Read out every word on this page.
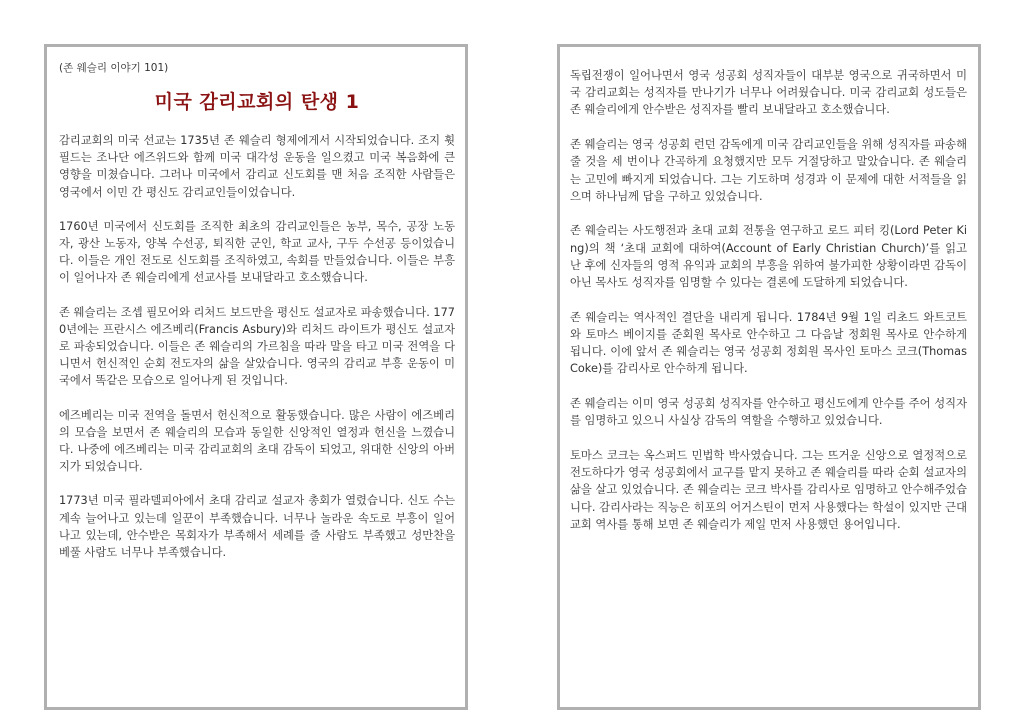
(존 웨슬리 이야기 101)
미국 감리교회의 탄생 1

감리교회의 미국 선교는 1735년 존 웨슬리 형제에게서 시작되었습니다. 조지 휫필드는 조나단 에즈위드와 함께 미국 대각성 운동을 일으켰고 미국 복음화에 큰 영향을 미쳤습니다. 그러나 미국에서 감리교 신도회를 맨 처음 조직한 사람들은 영국에서 이민 간 평신도 감리교인들이었습니다.

1760년 미국에서 신도회를 조직한 최초의 감리교인들은 농부, 목수, 공장 노동자, 광산 노동자, 양복 수선공, 퇴직한 군인, 학교 교사, 구두 수선공 등이었습니다. 이들은 개인 전도로 신도회를 조직하였고, 속회를 만들었습니다. 이들은 부흥이 일어나자 존 웨슬리에게 선교사를 보내달라고 호소했습니다.

존 웨슬리는 조셉 필모어와 리처드 보드만을 평신도 설교자로 파송했습니다. 1770년에는 프란시스 에즈베리(Francis Asbury)와 리처드 라이트가 평신도 설교자로 파송되었습니다. 이들은 존 웨슬리의 가르침을 따라 말을 타고 미국 전역을 다니면서 헌신적인 순회 전도자의 삶을 살았습니다. 영국의 감리교 부흥 운동이 미국에서 똑같은 모습으로 일어나게 된 것입니다.

에즈베리는 미국 전역을 돌면서 헌신적으로 활동했습니다. 많은 사람이 에즈베리의 모습을 보면서 존 웨슬리의 모습과 동일한 신앙적인 열정과 헌신을 느꼈습니다. 나중에 에즈베리는 미국 감리교회의 초대 감독이 되었고, 위대한 신앙의 아버지가 되었습니다.

1773년 미국 필라델피아에서 초대 감리교 설교자 총회가 열렸습니다. 신도 수는 계속 늘어나고 있는데 일꾼이 부족했습니다. 너무나 놀라운 속도로 부흥이 일어나고 있는데, 안수받은 목회자가 부족해서 세례를 줄 사람도 부족했고 성만찬을 베풀 사람도 너무나 부족했습니다.

독립전쟁이 일어나면서 영국 성공회 성직자들이 대부분 영국으로 귀국하면서 미국 감리교회는 성직자를 만나기가 너무나 어려웠습니다. 미국 감리교회 성도들은 존 웨슬리에게 안수받은 성직자를 빨리 보내달라고 호소했습니다.

존 웨슬리는 영국 성공회 런던 감독에게 미국 감리교인들을 위해 성직자를 파송해 줄 것을 세 번이나 간곡하게 요청했지만 모두 거절당하고 말았습니다. 존 웨슬리는 고민에 빠지게 되었습니다. 그는 기도하며 성경과 이 문제에 대한 서적들을 읽으며 하나님께 답을 구하고 있었습니다.

존 웨슬리는 사도행전과 초대 교회 전통을 연구하고 로드 피터 킹(Lord Peter King)의 책 ‘초대 교회에 대하여(Account of Early Christian Church)’를 읽고 난 후에 신자들의 영적 유익과 교회의 부흥을 위하여 불가피한 상황이라면 감독이 아닌 목사도 성직자를 임명할 수 있다는 결론에 도달하게 되었습니다.

존 웨슬리는 역사적인 결단을 내리게 됩니다. 1784년 9월 1일 리초드 와트코트와 토마스 베이지를 준회원 목사로 안수하고 그 다음날 정회원 목사로 안수하게 됩니다. 이에 앞서 존 웨슬리는 영국 성공회 정회원 목사인 토마스 코크(Thomas Coke)를 감리사로 안수하게 됩니다.

존 웨슬리는 이미 영국 성공회 성직자를 안수하고 평신도에게 안수를 주어 성직자를 임명하고 있으니 사실상 감독의 역할을 수행하고 있었습니다.

토마스 코크는 옥스퍼드 민법학 박사였습니다. 그는 뜨거운 신앙으로 열정적으로 전도하다가 영국 성공회에서 교구를 맡지 못하고 존 웨슬리를 따라 순회 설교자의 삶을 살고 있었습니다. 존 웨슬리는 코크 박사를 감리사로 임명하고 안수해주었습니다. 감리사라는 직능은 히포의 어거스틴이 먼저 사용했다는 학설이 있지만 근대 교회 역사를 통해 보면 존 웨슬리가 제일 먼저 사용했던 용어입니다.
